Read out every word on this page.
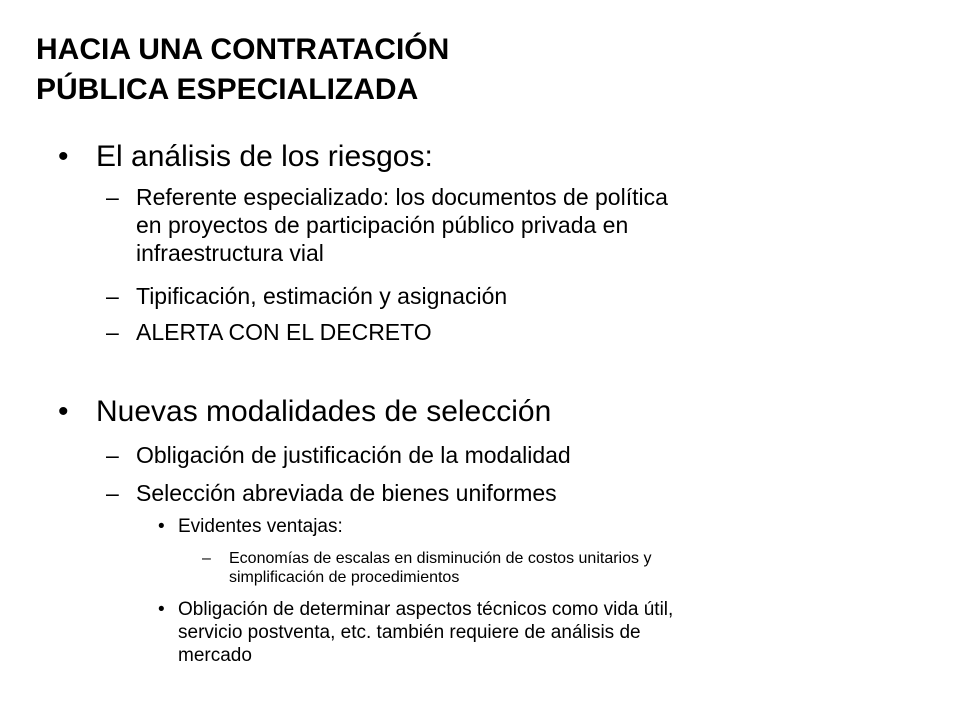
HACIA UNA CONTRATACIÓN
PÚBLICA ESPECIALIZADA
• El análisis de los riesgos:
– Referente especializado: los documentos de política
en proyectos de participación público privada en
infraestructura vial
– Tipificación, estimación y asignación
– ALERTA CON EL DECRETO
• Nuevas modalidades de selección
– Obligación de justificación de la modalidad
– Selección abreviada de bienes uniformes
• Evidentes ventajas:
– Economías de escalas en disminución de costos unitarios y
simplificación de procedimientos
• Obligación de determinar aspectos técnicos como vida útil,
servicio postventa, etc. también requiere de análisis de
mercado
